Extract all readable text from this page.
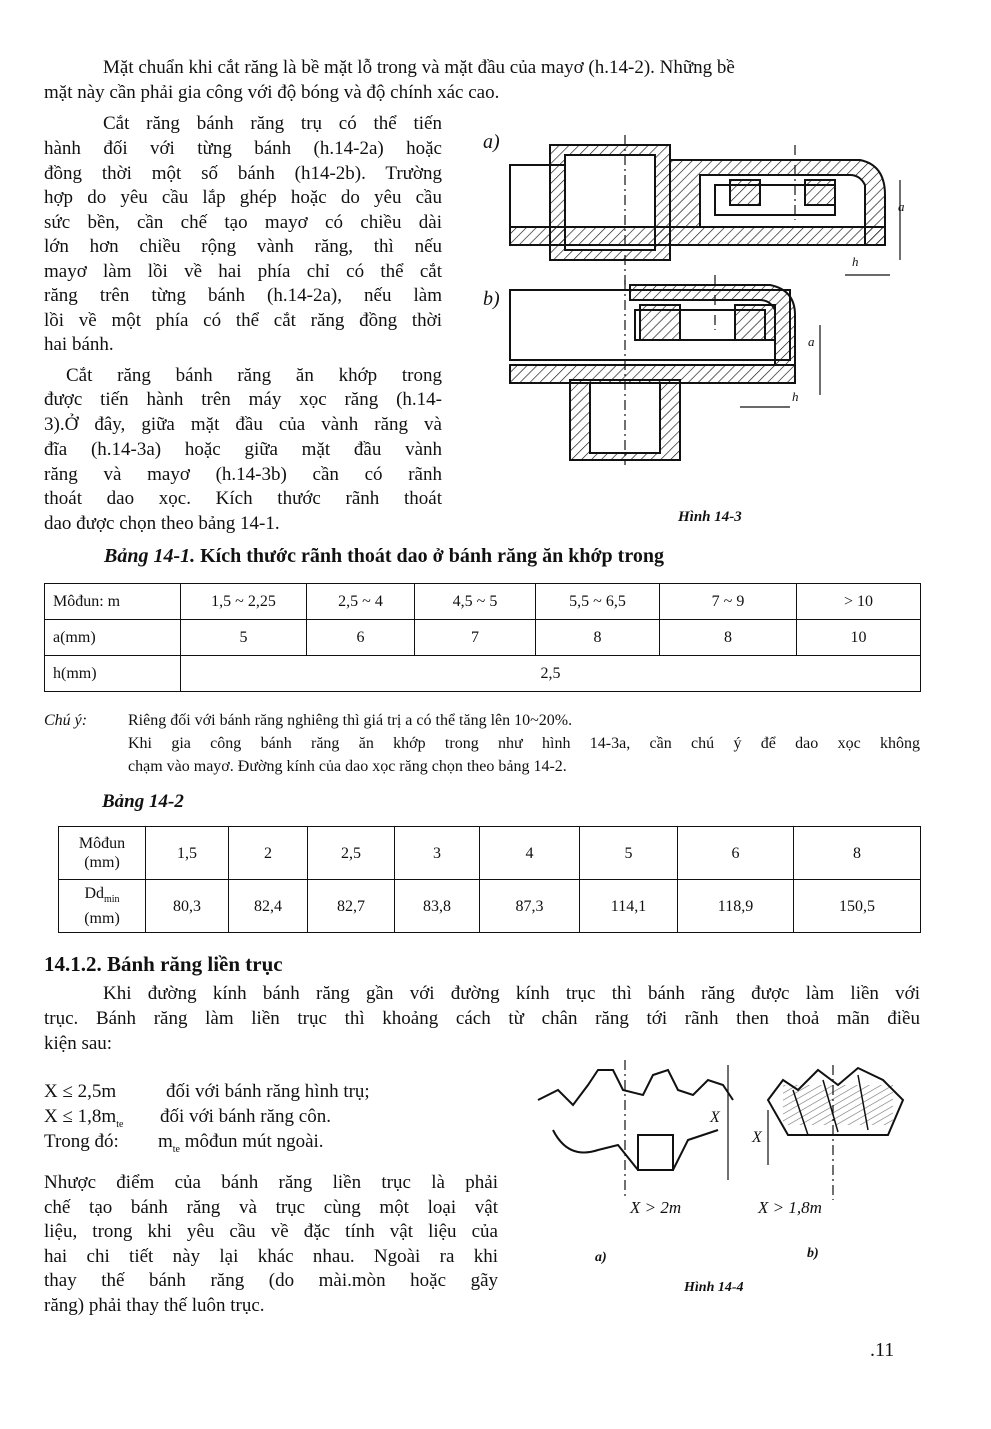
Mặt chuẩn khi cắt răng là bề mặt lỗ trong và mặt đầu của mayơ (h.14-2). Những bề
mặt này cần phải gia công với độ bóng và độ chính xác cao.
Cắt răng bánh răng trụ có thể tiến
hành đối với từng bánh (h.14-2a) hoặc
đồng thời một số bánh (h14-2b). Trường
hợp do yêu cầu lắp ghép hoặc do yêu cầu
sức bền, cần chế tạo mayơ có chiều dài
lớn hơn chiều rộng vành răng, thì nếu
mayơ làm lồi về hai phía chỉ có thể cắt
răng trên từng bánh (h.14-2a), nếu làm
lồi về một phía có thể cắt răng đồng thời
hai bánh.
Cắt răng bánh răng ăn khớp trong
được tiến hành trên máy xọc răng (h.14-
3).Ở đây, giữa mặt đầu của vành răng và
đĩa (h.14-3a) hoặc giữa mặt đầu vành
răng và mayơ (h.14-3b) cần có rãnh
thoát dao xọc. Kích thước rãnh thoát
dao được chọn theo bảng 14-1.
a)
b)
a
h
a
h
Hình 14-3
Bảng 14-1. Kích thước rãnh thoát dao ở bánh răng ăn khớp trong
Môđun: m	1,5 ~ 2,25	2,5 ~ 4	4,5 ~ 5	5,5 ~ 6,5	7 ~ 9	> 10
a(mm)	5	6	7	8	8	10
h(mm)	2,5					
Chú ý:	Riêng đối với bánh răng nghiêng thì giá trị a có thể tăng lên 10~20%.
Khi gia công bánh răng ăn khớp trong như hình 14-3a, cần chú ý để dao xọc không
chạm vào mayơ. Đường kính của dao xọc răng chọn theo bảng 14-2.
Bảng 14-2
Môđun
(mm)	1,5	2	2,5	3	4	5	6	8
$Dd_{min}$
(mm)	80,3	82,4	82,7	83,8	87,3	114,1	118,9	150,5
14.1.2. Bánh răng liền trục
Khi đường kính bánh răng gần với đường kính trục thì bánh răng được làm liền với
trục. Bánh răng làm liền trục thì khoảng cách từ chân răng tới rãnh then thoả mãn điều
kiện sau:
X ≤ 2,5m	đối với bánh răng hình trụ;
$X \le 1,8m_{te}$ đối với bánh răng côn.
Trong đó: $m_{te}$ môđun mút ngoài.
Nhược điểm của bánh răng liền trục là phải
chế tạo bánh răng và trục cùng một loại vật
liệu, trong khi yêu cầu về đặc tính vật liệu của
hai chi tiết này lại khác nhau. Ngoài ra khi
thay thế bánh răng (do mài.mòn hoặc gãy
răng) phải thay thế luôn trục.
X
X
X > 2m	X > 1,8m
a)	b)
Hình 14-4
.11
